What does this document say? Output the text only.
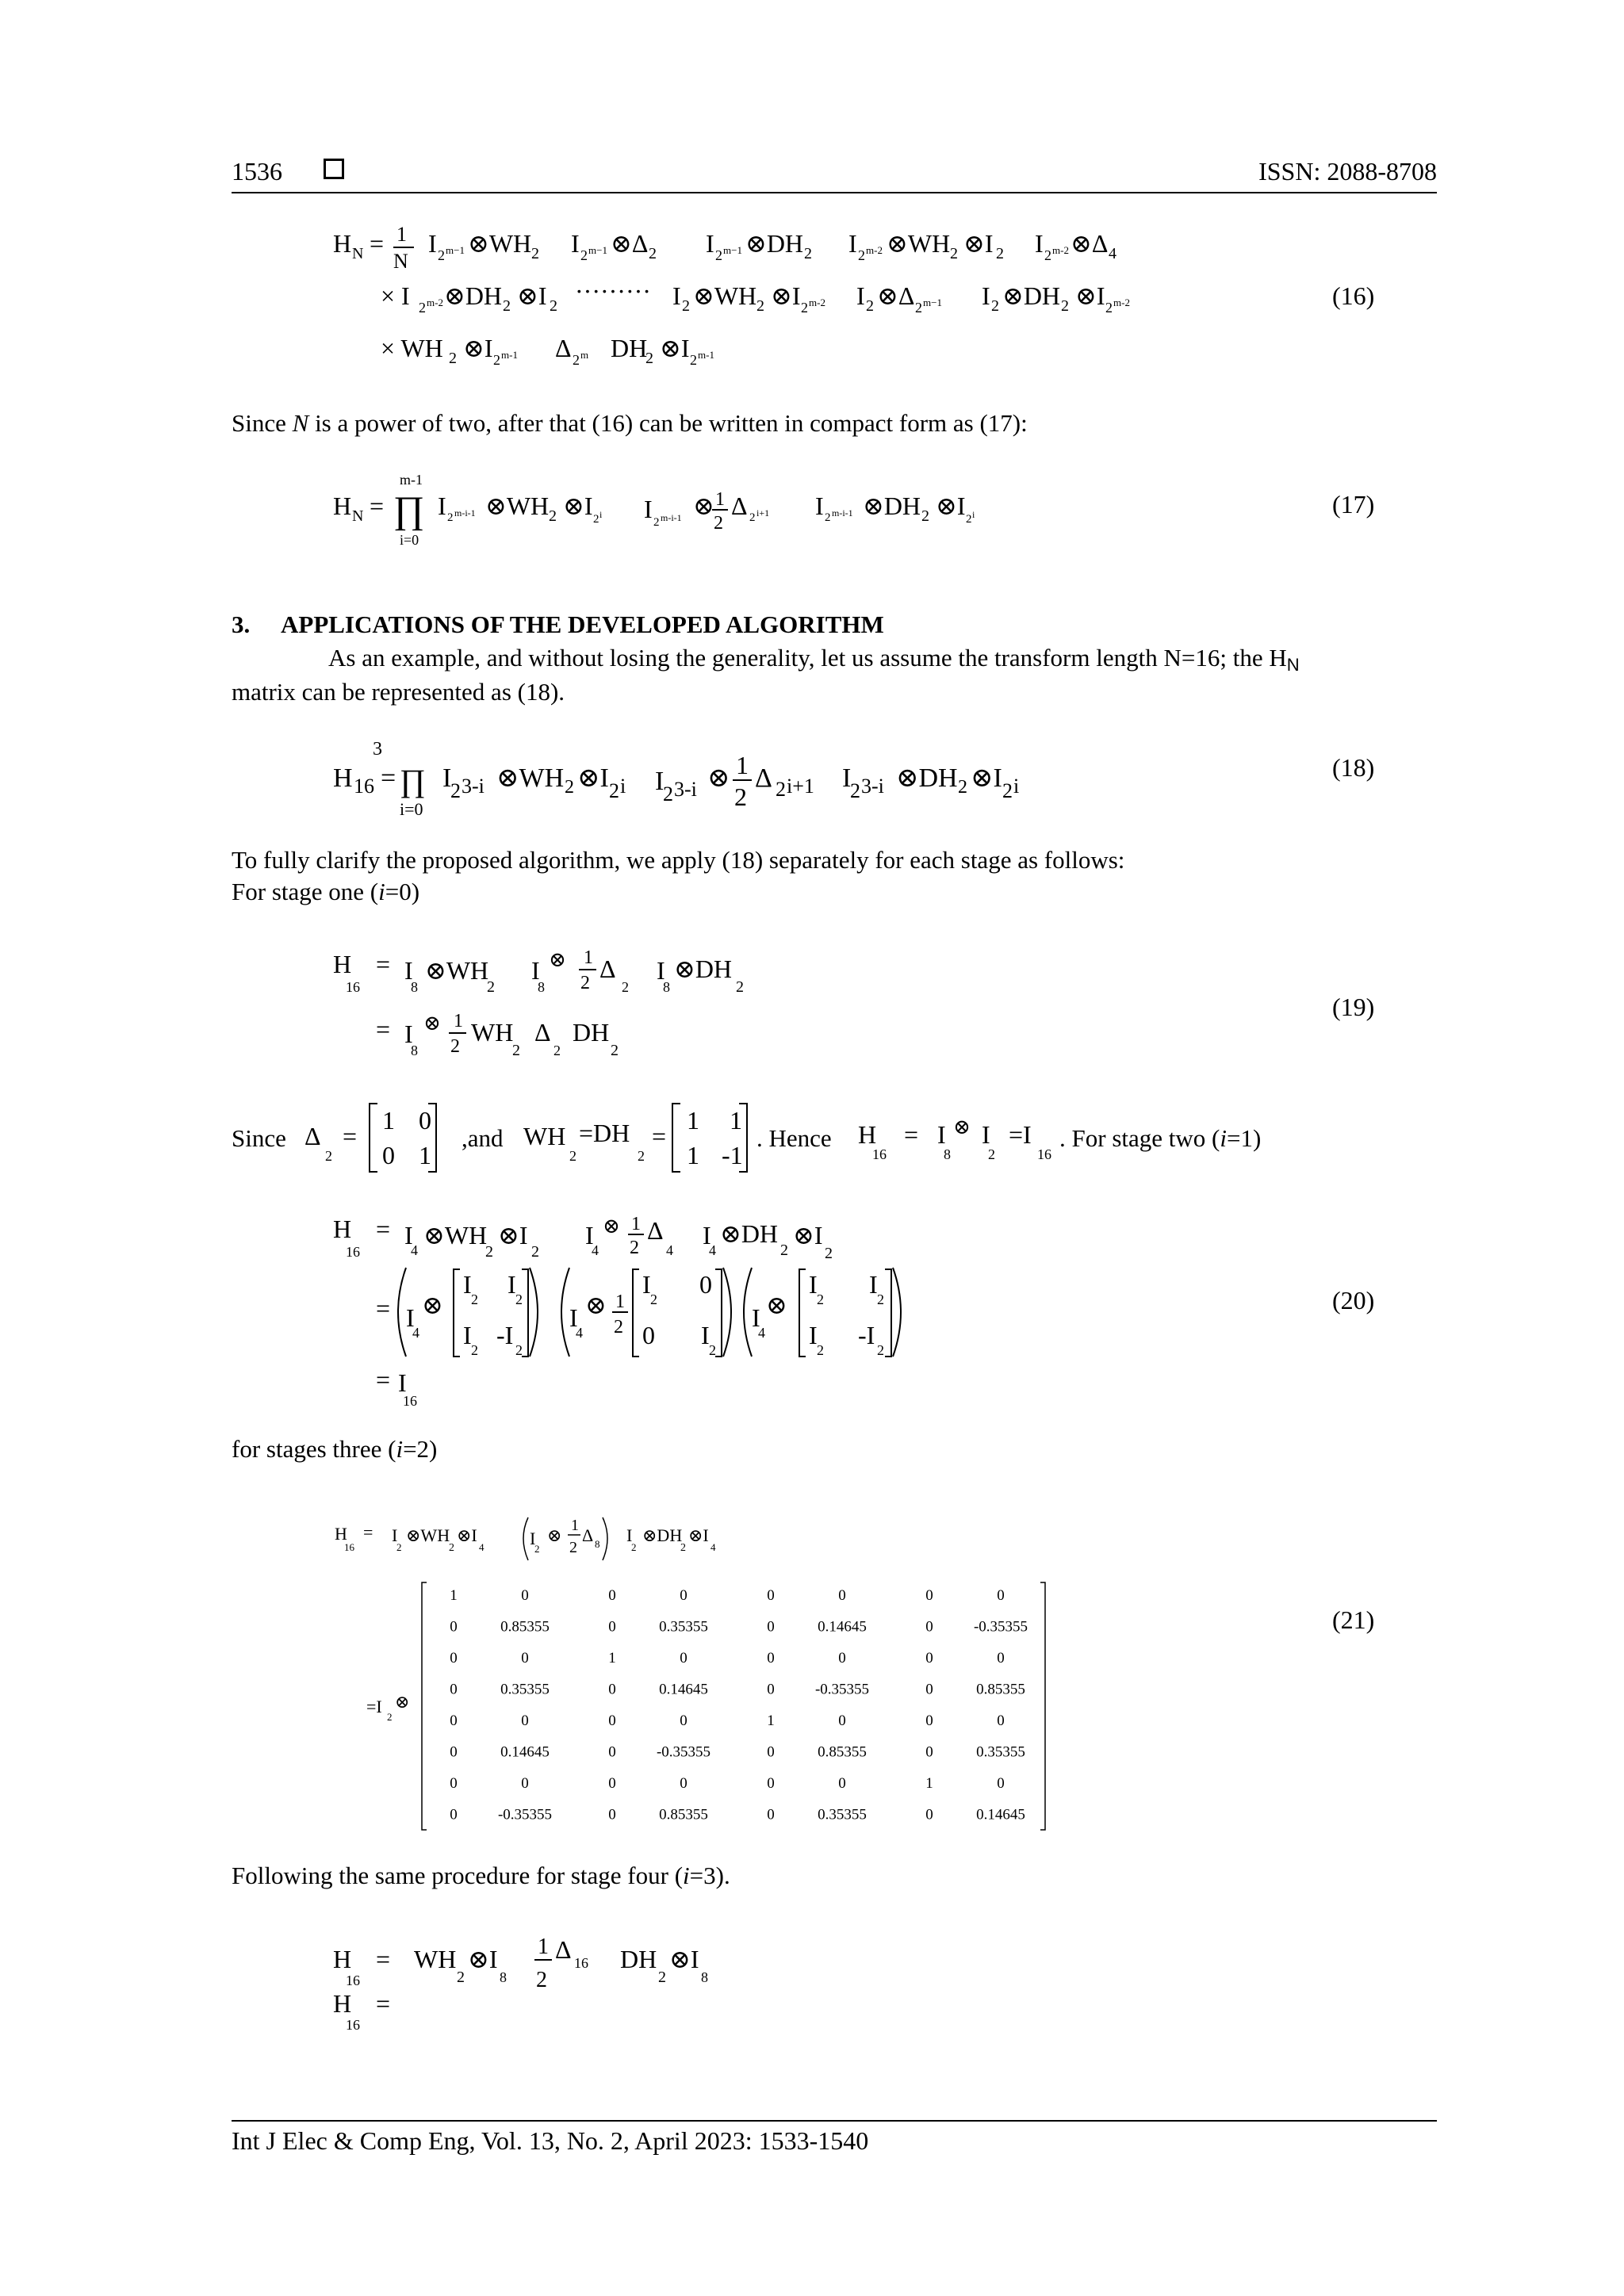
1536	ISSN: 2088-8708
H N = 1
N
I 2 m−1 ⊗WH 2 I 2 m−1 ⊗Δ 2 I 2 m−1 ⊗DH 2 I 2 m-2 ⊗WH 2 ⊗I 2 I 2 m-2 ⊗Δ 4
× I 2 m-2 ⊗DH 2 ⊗I 2
········· I 2 ⊗WH 2 ⊗I 2 m-2 I 2 ⊗Δ 2 m−1 I 2 ⊗DH 2 ⊗I 2 m-2
× WH 2 ⊗I 2 m-1 Δ 2 m DH
2 ⊗I 2 m-1
(16)
Since N is a power of two, after that (16) can be written in compact form as (17):
m-1
H N = ∏
i=0
I 2 m-i-1 ⊗WH 2 ⊗I 2 i I 2 m-i-1 ⊗ 1
2
Δ 2 i+1 I 2 m-i-1 ⊗DH 2 ⊗I 2 i	(17)
3.     APPLICATIONS OF THE DEVELOPED ALGORITHM
As an example, and without losing the generality, let us assume the transform length N=16; the HN
matrix can be represented as (18).
3
H 16 = ∏
i=0
I
2 3-i ⊗WH 2 ⊗I 2 i I
2 3-i ⊗ 1
2
Δ 2 i+1 I
2 3-i ⊗DH 2 ⊗I 2 i
(18)
To fully clarify the proposed algorithm, we apply (18) separately for each stage as follows:
For stage one (i=0)
H
16
= I
8
⊗WH
2
I
8
⊗ 1
2 Δ
2
I
8
⊗DH
2
= I
8
⊗ 1
2 WH
2
Δ
2
DH
2
(19)
Since Δ
2
=
1 0
0 1
,and WH
2
=DH
2
=
1 1
1 -1
. Hence H
16
= I
8
⊗ I
2
=I
16
. For stage two (i=1)
H
16
= I
4
⊗WH
2
⊗I
2
I
4
⊗ 1
2
Δ
4
I
4
⊗DH
2
⊗I
2
= I
4
⊗
I
2
I
2
I
2
-I
2
I
4
⊗ 1
2
I
2
0
0 I
2
I
4
⊗
I
2
I
2
I
2
-I
2
= I
16
(20)
for stages three (i=2)
H
16
= I
2
⊗WH
2
⊗I
4	I
2
⊗ 1
2
Δ 8 I
2
⊗DH
2
⊗I
4
=I
2
⊗
1	0	0	0	0	0	0	0
0	0.85355	0	0.35355	0	0.14645	0	-0.35355
0	0	1	0	0	0	0	0
0	0.35355	0	0.14645	0	-0.35355	0	0.85355
0	0	0	0	1	0	0	0
0	0.14645	0	-0.35355	0	0.85355	0	0.35355
0	0	0	0	0	0	1	0
0	-0.35355	0	0.85355	0	0.35355	0	0.14645
(21)
Following the same procedure for stage four (i=3).
H
16
= WH
2
⊗I
8
1
2
Δ 16 DH
2
⊗I
8
H
16
=
Int J Elec & Comp Eng, Vol. 13, No. 2, April 2023: 1533-1540
